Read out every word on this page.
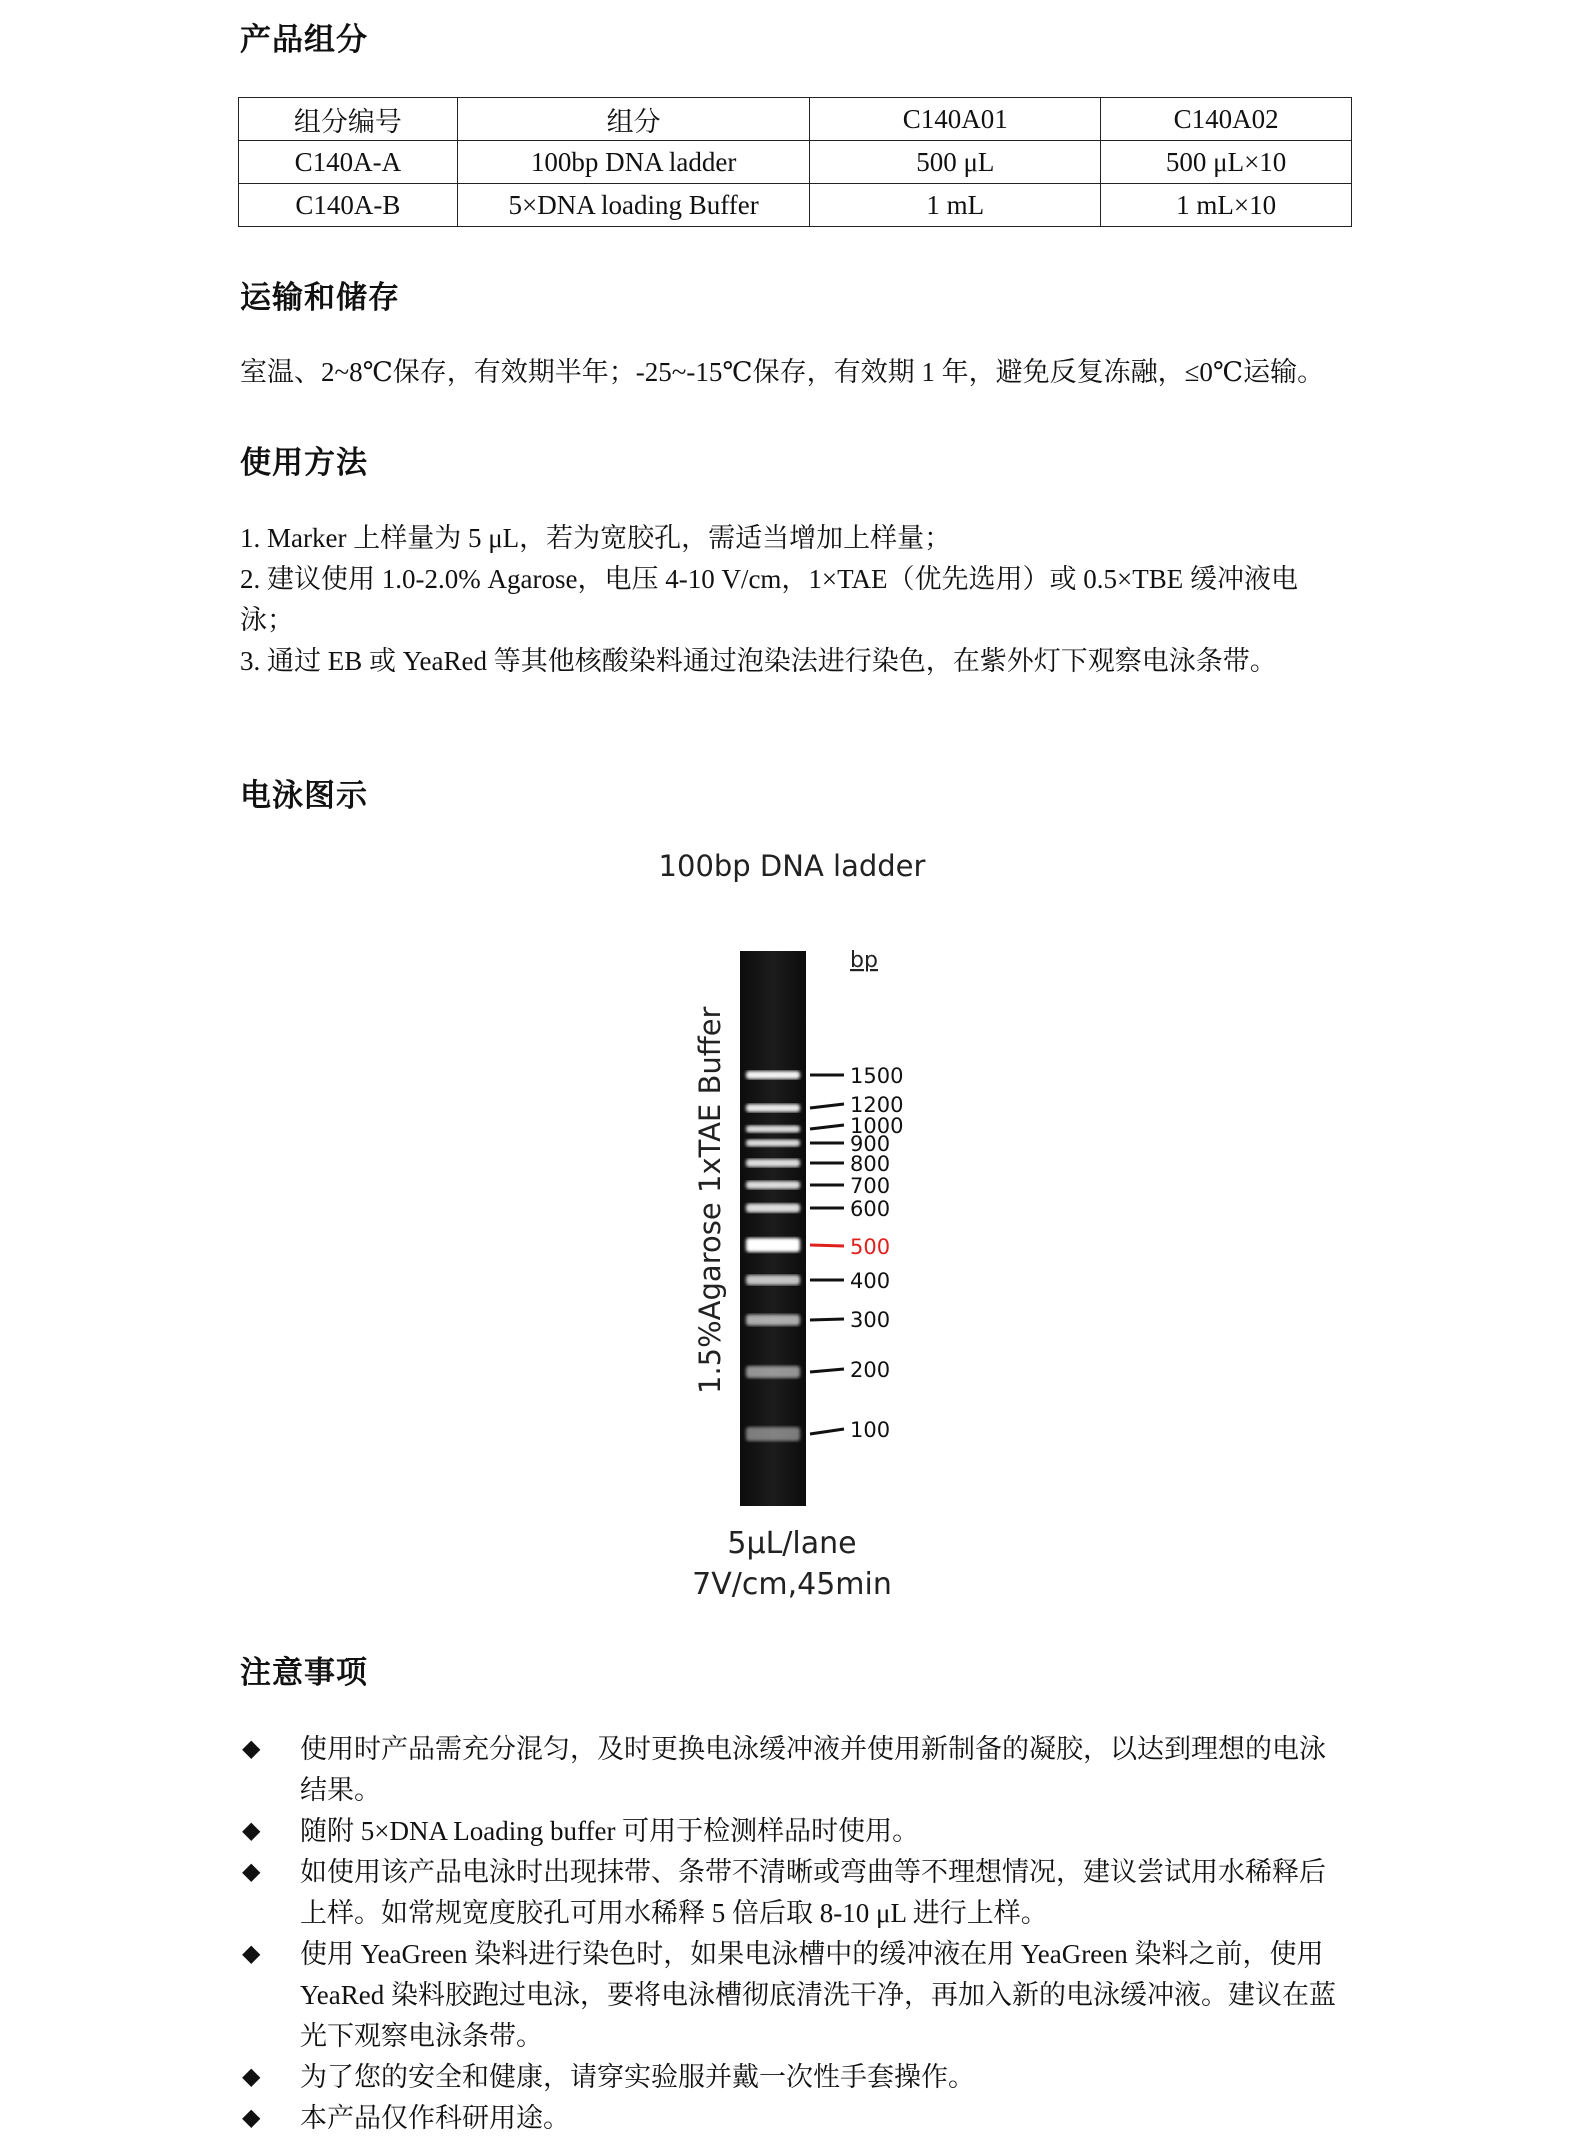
产品组分
组分编号	组分	C140A01	C140A02
C140A-A	100bp DNA ladder	500 μL	500 μL×10
C140A-B	5×DNA loading Buffer	1 mL	1 mL×10
运输和储存

室温、2~8℃保存，有效期半年；-25~-15℃保存，有效期 1 年，避免反复冻融，≤0℃运输。

使用方法
1. Marker 上样量为 5 μL，若为宽胶孔，需适当增加上样量；
2. 建议使用 1.0-2.0% Agarose，电压 4-10 V/cm，1×TAE（优先选用）或 0.5×TBE 缓冲液电泳；
3. 通过 EB 或 YeaRed 等其他核酸染料通过泡染法进行染色，在紫外灯下观察电泳条带。
电泳图示
100bp DNA ladder
bp
1xTAE Buffer
1.5%Agarose
1500
1200
1000
900
800
700
600
500
400
300
200
100
5μL/lane
7V/cm,45min
注意事项
◆ 使用时产品需充分混匀，及时更换电泳缓冲液并使用新制备的凝胶，以达到理想的电泳结果。
◆ 随附 5×DNA Loading buffer 可用于检测样品时使用。
◆ 如使用该产品电泳时出现抹带、条带不清晰或弯曲等不理想情况，建议尝试用水稀释后上样。如常规宽度胶孔可用水稀释 5 倍后取 8-10 μL 进行上样。
◆ 使用 YeaGreen 染料进行染色时，如果电泳槽中的缓冲液在用 YeaGreen 染料之前，使用 YeaRed 染料胶跑过电泳，要将电泳槽彻底清洗干净，再加入新的电泳缓冲液。建议在蓝光下观察电泳条带。
◆ 为了您的安全和健康，请穿实验服并戴一次性手套操作。
◆ 本产品仅作科研用途。
